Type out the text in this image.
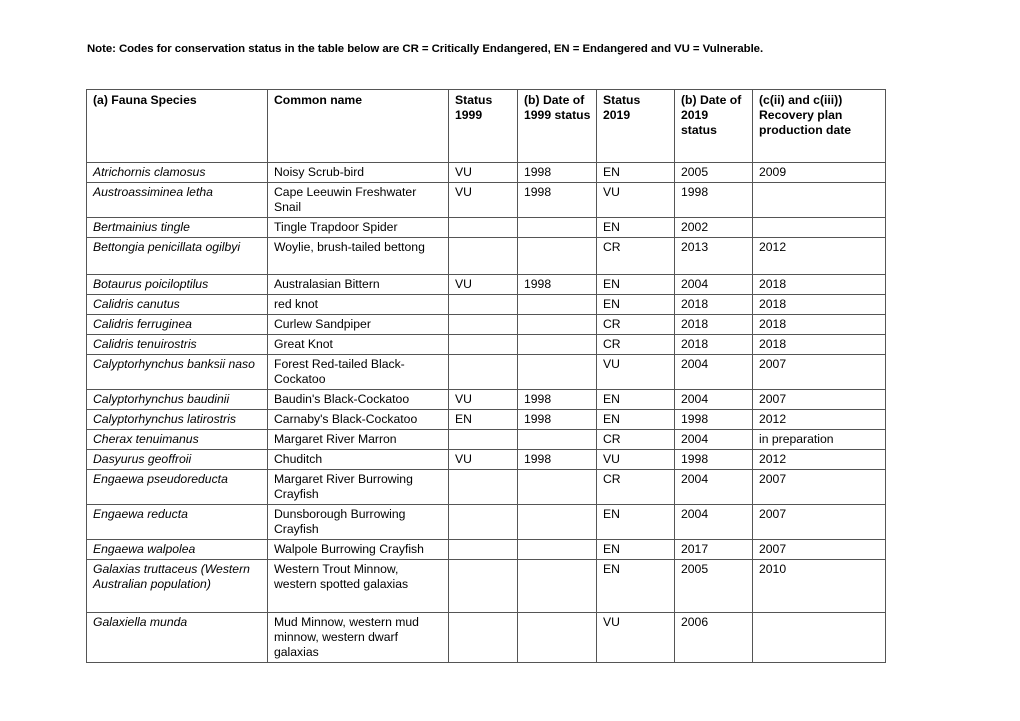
Note: Codes for conservation status in the table below are CR = Critically Endangered, EN = Endangered and VU = Vulnerable.
(a) Fauna Species	Common name	Status 1999	(b) Date of 1999 status	Status 2019	(b) Date of 2019 status	(c(ii) and c(iii)) Recovery plan production date
Atrichornis clamosus	Noisy Scrub-bird	VU	1998	EN	2005	2009
Austroassiminea letha	Cape Leeuwin Freshwater Snail	VU	1998	VU	1998	
Bertmainius tingle	Tingle Trapdoor Spider			EN	2002	
Bettongia penicillata ogilbyi	Woylie, brush-tailed bettong			CR	2013	2012
Botaurus poiciloptilus	Australasian Bittern	VU	1998	EN	2004	2018
Calidris canutus	red knot			EN	2018	2018
Calidris ferruginea	Curlew Sandpiper			CR	2018	2018
Calidris tenuirostris	Great Knot			CR	2018	2018
Calyptorhynchus banksii naso	Forest Red-tailed Black-Cockatoo			VU	2004	2007
Calyptorhynchus baudinii	Baudin's Black-Cockatoo	VU	1998	EN	2004	2007
Calyptorhynchus latirostris	Carnaby's Black-Cockatoo	EN	1998	EN	1998	2012
Cherax tenuimanus	Margaret River Marron			CR	2004	in preparation
Dasyurus geoffroii	Chuditch	VU	1998	VU	1998	2012
Engaewa pseudoreducta	Margaret River Burrowing Crayfish			CR	2004	2007
Engaewa reducta	Dunsborough Burrowing Crayfish			EN	2004	2007
Engaewa walpolea	Walpole Burrowing Crayfish			EN	2017	2007
Galaxias truttaceus (Western Australian population)	Western Trout Minnow, western spotted galaxias			EN	2005	2010
Galaxiella munda	Mud Minnow, western mud minnow, western dwarf galaxias			VU	2006	
